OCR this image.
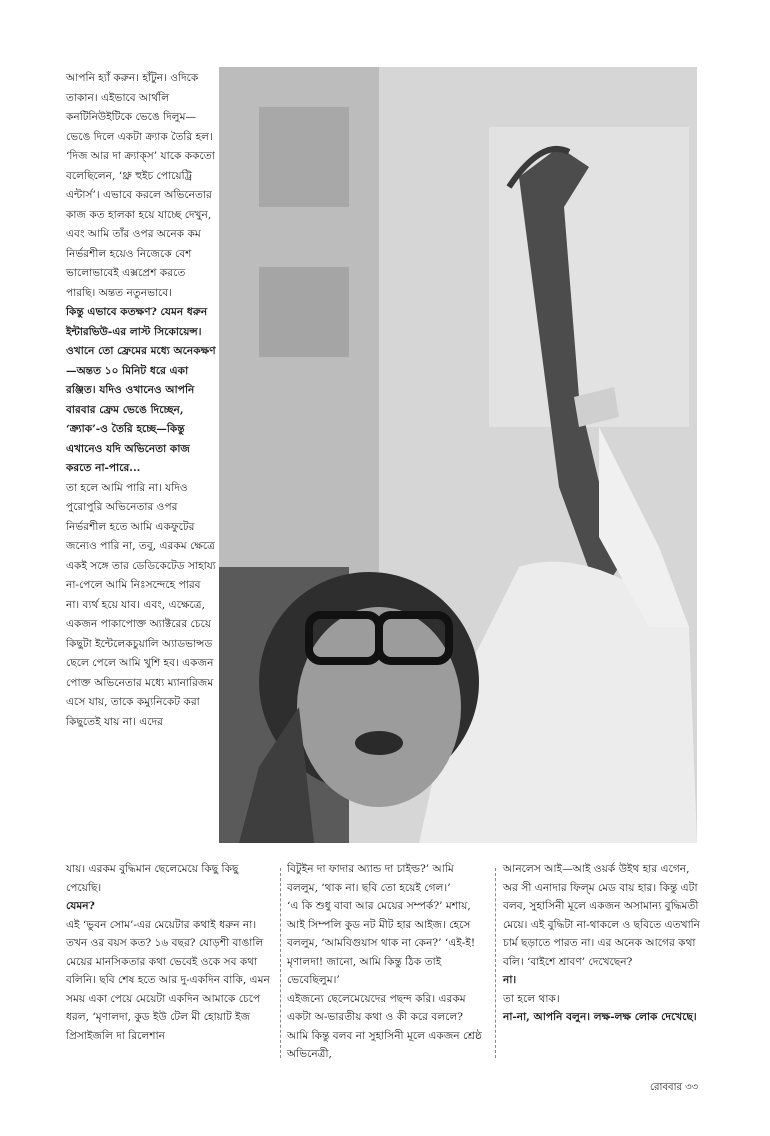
আপনি হ্যাঁ করুন। হাঁটুন। ওদিকে তাকান। এইভাবে আর্থলি কনটিনিউইটিকে ভেঙে দিলুম—ভেঙে দিলে একটা ক্র্যাক তৈরি হল। ‘দিজ আর দা ক্র্যাক্‌স’ যাকে ককতো বলেছিলেন, ‘থ্রু হুইচ পোয়েট্রি এন্টার্স’। এভাবে করলে অভিনেতার কাজ কত হালকা হয়ে যাচ্ছে দেখুন, এবং আমি তাঁর ওপর অনেক কম নির্ভরশীল হয়েও নিজেকে বেশ ভালোভাবেই এক্সপ্রেশ করতে পারছি। অন্তত নতুনভাবে।

কিন্তু এভাবে কতক্ষণ? যেমন ধরুন ইন্টারভিউ-এর লাস্ট সিকোয়েন্স। ওখানে তো ফ্রেমের মধ্যে অনেকক্ষণ—অন্তত ১০ মিনিট ধরে একা রঞ্জিত। যদিও ওখানেও আপনি বারবার ফ্রেম ভেঙে দিচ্ছেন, ‘ক্র্যাক’-ও তৈরি হচ্ছে—কিন্তু এখানেও যদি অভিনেতা কাজ করতে না-পারে...

তা হলে আমি পারি না। যদিও পুরোপুরি অভিনেতার ওপর নির্ভরশীল হতে আমি একফুটের জন্যেও পারি না, তবু, এরকম ক্ষেত্রে একই সঙ্গে তার ডেডিকেটেড সাহায্য না-পেলে আমি নিঃসন্দেহে পারব না। ব্যর্থ হয়ে যাব। এবং, এক্ষেত্রে, একজন পাকাপোক্ত অ্যাক্টরের চেয়ে কিছুটা ইন্টেলেকচুয়ালি অ্যাডভান্সড ছেলে পেলে আমি খুশি হব। একজন পোক্ত অভিনেতার মধ্যে ম্যানারিজম এসে যায়, তাকে কম্যুনিকেট করা কিছুতেই যায় না। এদের

যায়। এরকম বুদ্ধিমান ছেলেমেয়ে কিছু কিছু পেয়েছি।

যেমন?

এই ‘ভুবন সোম’-এর মেয়েটার কথাই ধরুন না। তখন ওর বয়স কত? ১৬ বছর? যোড়শী বাঙালি মেয়ের মানসিকতার কথা ভেবেই ওকে সব কথা বলিনি। ছবি শেষ হতে আর দু-একদিন বাকি, এমন সময় একা পেয়ে মেয়েটা একদিন আমাকে চেপে ধরল, ‘মৃণালদা, কুড ইউ টেল মী হোয়াট ইজ প্রিসাইজলি দা রিলেশান

বিটুইন দা ফাদার অ্যান্ড দা চাইল্ড?’ আমি বললুম, ‘থাক না। ছবি তো হয়েই গেল।’

‘এ কি শুধু বাবা আর মেয়ের সম্পর্ক?’ মশায়, আই সিম্পলি কুড নট মীট হার আইজ। হেসে বললুম, ‘আমবিগুয়াস থাক না কেন?’ ‘এই-ই! মৃণালদা! জানো, আমি কিন্তু ঠিক তাই ভেবেছিলুম।’

এইজন্যে ছেলেমেয়েদের পছন্দ করি। এরকম একটা অ-ভারতীয় কথা ও কী করে বললে? আমি কিন্তু বলব না সুহাসিনী মূলে একজন শ্রেষ্ঠ অভিনেত্রী,

আনলেস আই—আই ওয়র্ক উইথ হার এগেন, অর সী এনাদার ফিল্‌ম মেড বায় হার। কিন্তু এটা বলব, সুহাসিনী মূলে একজন অসামান্য বুদ্ধিমতী মেয়ে। এই বুদ্ধিটা না-থাকলে ও ছবিতে এতখানি চার্ম ছড়াতে পারত না। এর অনেক আগের কথা বলি। ‘বাইশে শ্রাবণ’ দেখেছেন?

না।

তা হলে থাক।

না-না, আপনি বলুন। লক্ষ-লক্ষ লোক দেখেছে।

রোববার ৩৩
